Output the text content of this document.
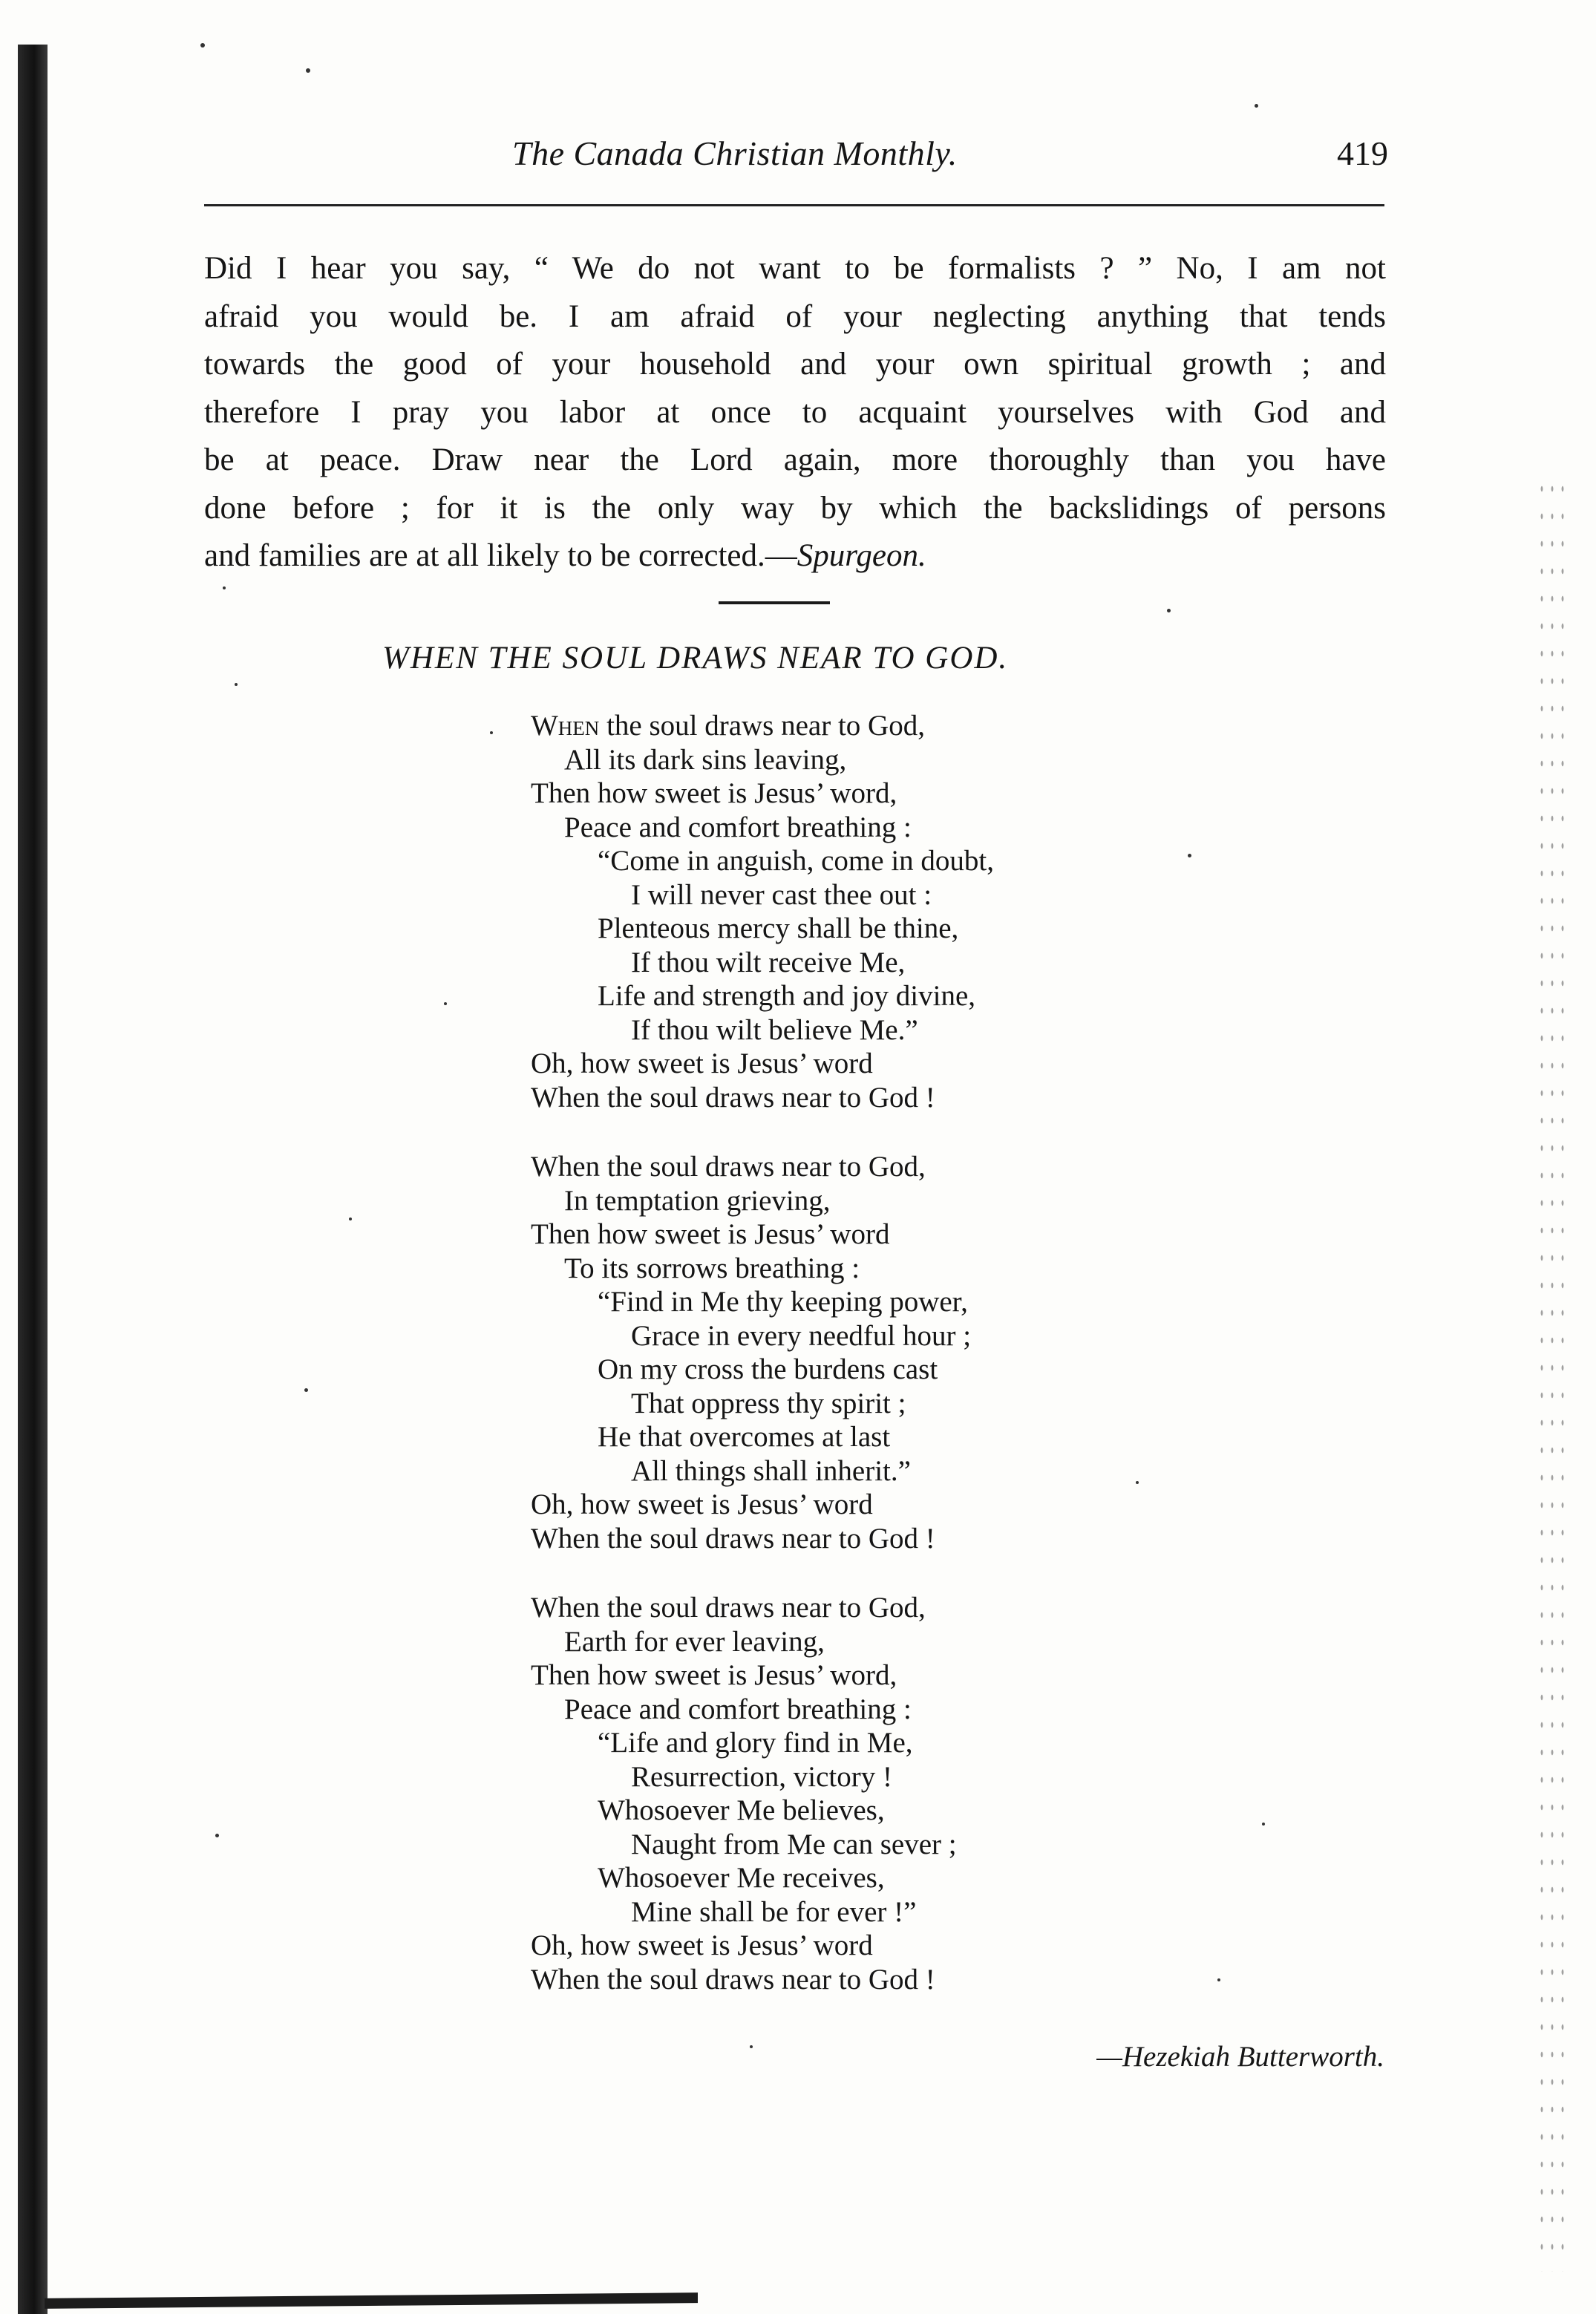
The Canada Christian Monthly.	419
Did I hear you say, “ We do not want to be formalists ? ” No, I am not
afraid you would be. I am afraid of your neglecting anything that tends
towards the good of your household and your own spiritual growth ; and
therefore I pray you labor at once to acquaint yourselves with God and
be at peace. Draw near the Lord again, more thoroughly than you have
done before ; for it is the only way by which the backslidings of persons
and families are at all likely to be corrected.—Spurgeon.
WHEN THE SOUL DRAWS NEAR TO GOD.
When the soul draws near to God,
All its dark sins leaving,
Then how sweet is Jesus’ word,
Peace and comfort breathing :
“Come in anguish, come in doubt,
I will never cast thee out :
Plenteous mercy shall be thine,
If thou wilt receive Me,
Life and strength and joy divine,
If thou wilt believe Me.”
Oh, how sweet is Jesus’ word
When the soul draws near to God !
When the soul draws near to God,
In temptation grieving,
Then how sweet is Jesus’ word
To its sorrows breathing :
“Find in Me thy keeping power,
Grace in every needful hour ;
On my cross the burdens cast
That oppress thy spirit ;
He that overcomes at last
All things shall inherit.”
Oh, how sweet is Jesus’ word
When the soul draws near to God !
When the soul draws near to God,
Earth for ever leaving,
Then how sweet is Jesus’ word,
Peace and comfort breathing :
“Life and glory find in Me,
Resurrection, victory !
Whosoever Me believes,
Naught from Me can sever ;
Whosoever Me receives,
Mine shall be for ever !”
Oh, how sweet is Jesus’ word
When the soul draws near to God !
—Hezekiah Butterworth.
